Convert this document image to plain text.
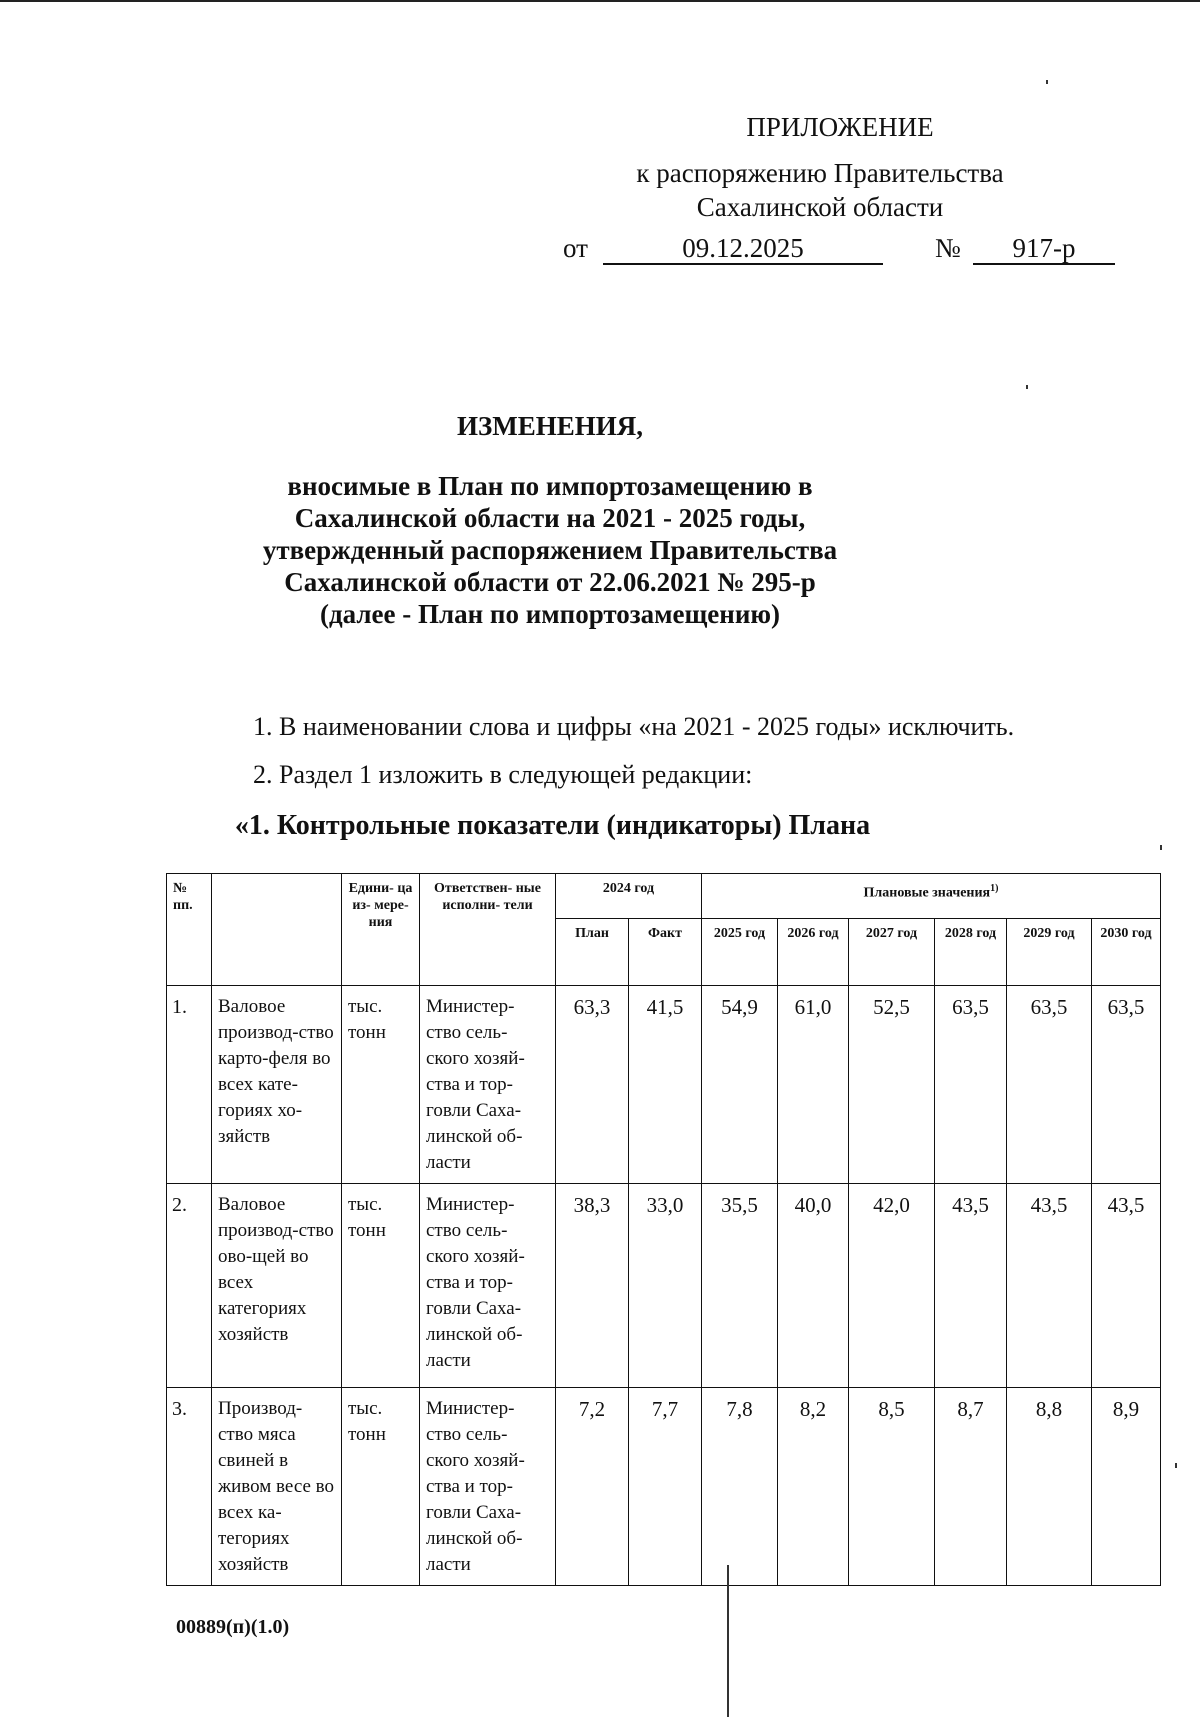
ПРИЛОЖЕНИЕ
к распоряжению Правительства
Сахалинской области
от	09.12.2025	№	917-р
ИЗМЕНЕНИЯ,
вносимые в План по импортозамещению в
Сахалинской области на 2021 - 2025 годы,
утвержденный распоряжением Правительства
Сахалинской области от 22.06.2021 № 295-р
(далее - План по импортозамещению)
1. В наименовании слова и цифры «на 2021 - 2025 годы» исключить.
2. Раздел 1 изложить в следующей редакции:
«1. Контрольные показатели (индикаторы) Плана
№ пп.		Едини- ца из- мере- ния	Ответствен- ные исполни- тели	2024 год		Плановые значения$^{1)}$
				План	Факт	2025 год	2026 год	2027 год	2028 год	2029 год	2030 год
1.	Валовое производ-ство карто-феля во всех кате-гориях хо-зяйств	тыс. тонн	Министер-ство сель-ского хозяй-ства и тор-говли Саха-линской об-ласти	63,3	41,5	54,9	61,0	52,5	63,5	63,5	63,5
2.	Валовое производ-ство ово-щей во всех категориях хозяйств	тыс. тонн	Министер-ство сель-ского хозяй-ства и тор-говли Саха-линской об-ласти	38,3	33,0	35,5	40,0	42,0	43,5	43,5	43,5
3.	Производ-ство мяса свиней в живом весе во всех ка-тегориях хозяйств	тыс. тонн	Министер-ство сель-ского хозяй-ства и тор-говли Саха-линской об-ласти	7,2	7,7	7,8	8,2	8,5	8,7	8,8	8,9
00889(п)(1.0)
